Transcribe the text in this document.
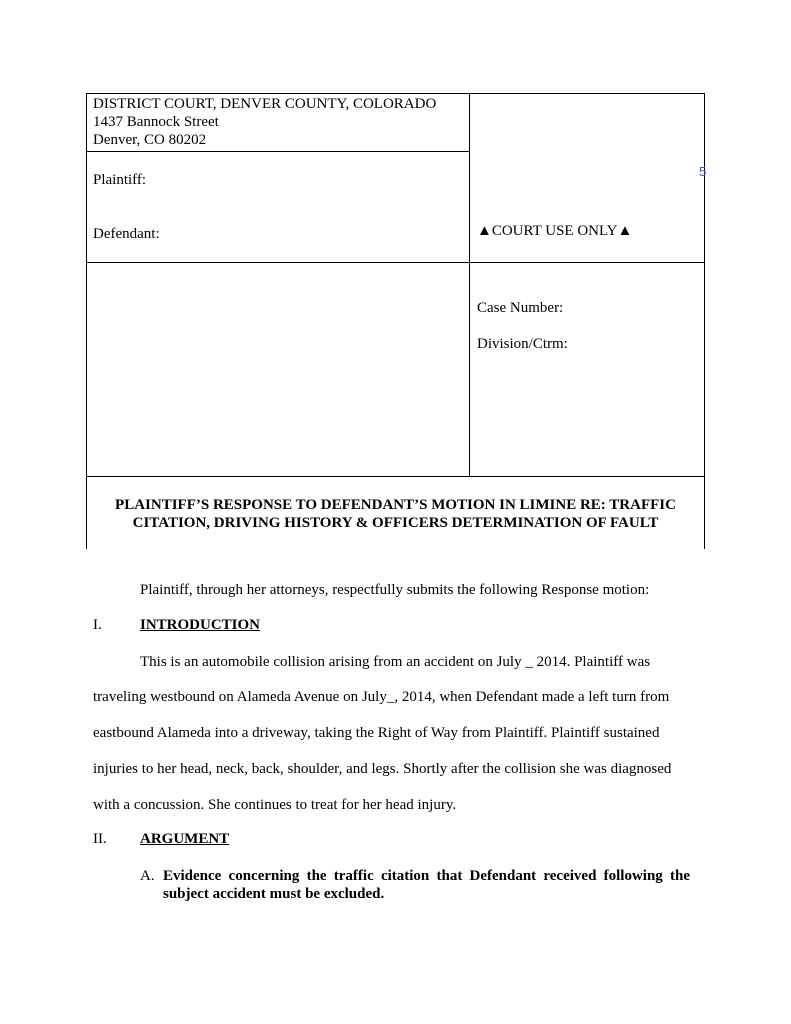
DISTRICT COURT, DENVER COUNTY, COLORADO
1437 Bannock Street
Denver, CO 80202
Plaintiff:
Defendant:	▲COURT USE ONLY▲
5
Case Number:
Division/Ctrm:
PLAINTIFF’S RESPONSE TO DEFENDANT’S MOTION IN LIMINE RE: TRAFFIC
CITATION, DRIVING HISTORY & OFFICERS DETERMINATION OF FAULT
Plaintiff, through her attorneys, respectfully submits the following Response motion:
I.	INTRODUCTION
This is an automobile collision arising from an accident on July _ 2014. Plaintiff was
traveling westbound on Alameda Avenue on July_, 2014, when Defendant made a left turn from
eastbound Alameda into a driveway, taking the Right of Way from Plaintiff. Plaintiff sustained
injuries to her head, neck, back, shoulder, and legs. Shortly after the collision she was diagnosed
with a concussion. She continues to treat for her head injury.
II. ARGUMENT
A. Evidence concerning the traffic citation that Defendant received following the subject accident must be excluded.
